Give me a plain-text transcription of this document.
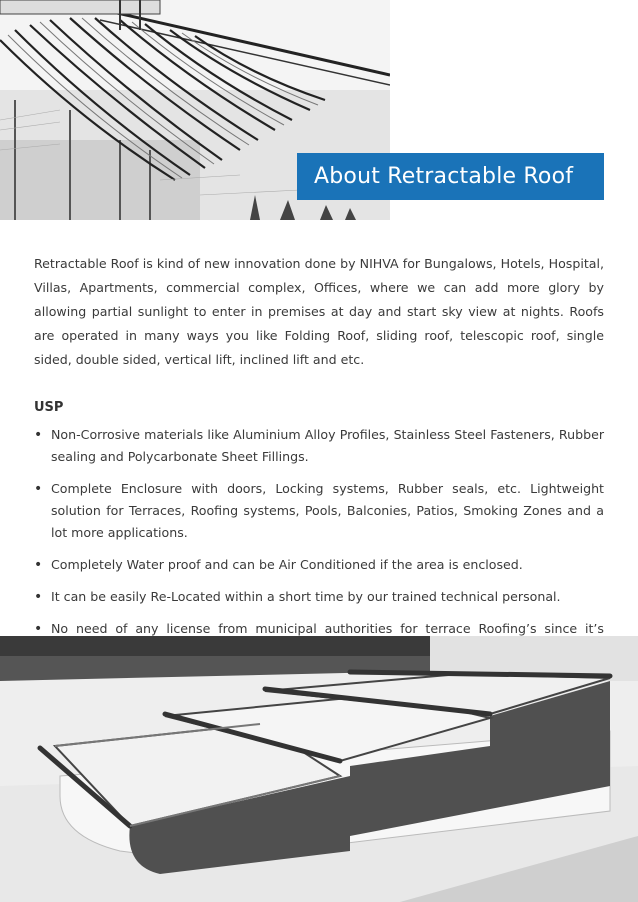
About Retractable Roof

Retractable Roof is kind of new innovation done by NIHVA for Bungalows, Hotels, Hospital, Villas, Apartments, commercial complex, Offices, where we can add more glory by allowing partial sunlight to enter in premises at day and start sky view at nights. Roofs are operated in many ways you like Folding Roof, sliding roof, telescopic roof, single sided, double sided, vertical lift, inclined lift and etc.

USP
• Non-Corrosive materials like Aluminium Alloy Profiles, Stainless Steel Fasteners, Rubber sealing and Polycarbonate Sheet Fillings.
• Complete Enclosure with doors, Locking systems, Rubber seals, etc. Lightweight solution for Terraces, Roofing systems, Pools, Balconies, Patios, Smoking Zones and a lot more applications.
• Completely Water proof and can be Air Conditioned if the area is enclosed.
• It can be easily Re-Located within a short time by our trained technical personal.
• No need of any license from municipal authorities for terrace Roofing’s since it’s
